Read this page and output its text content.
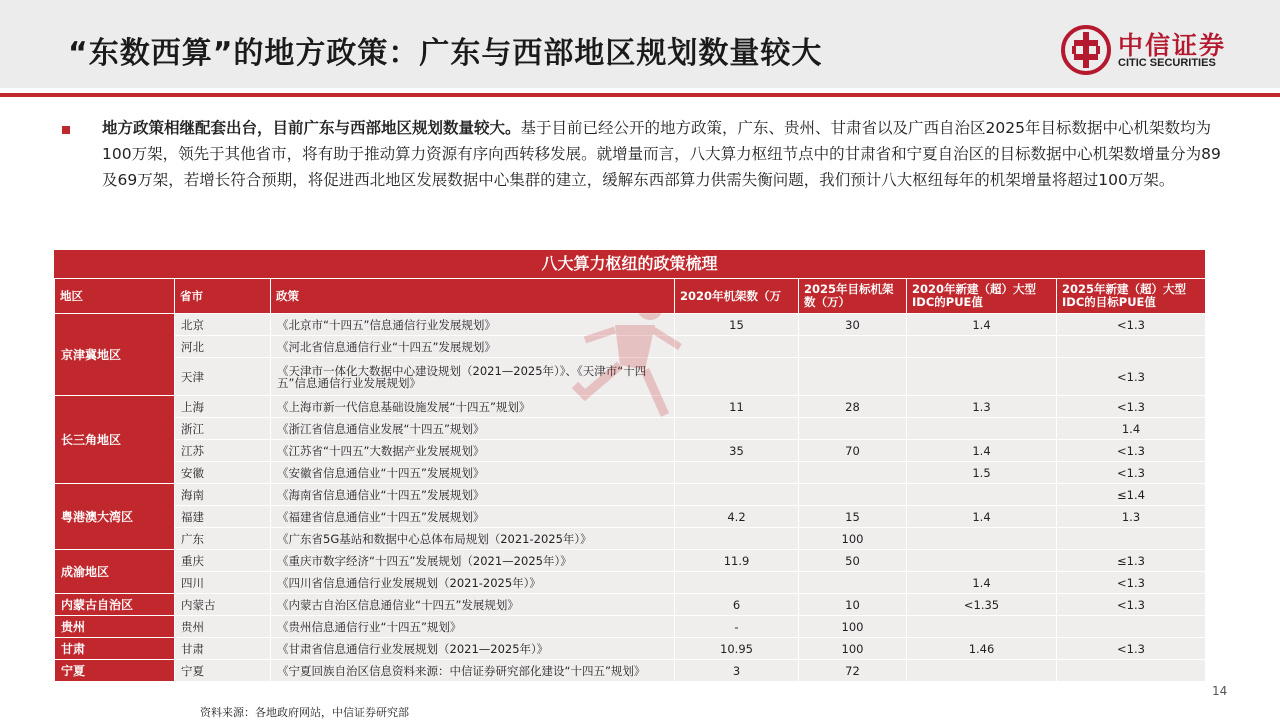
“东数西算”的地方政策：广东与西部地区规划数量较大	中信证券
CITIC SECURITIES
地方政策相继配套出台，目前广东与西部地区规划数量较大。基于目前已经公开的地方政策，广东、贵州、甘肃省以及广西自治区2025年目标数据中心机架数均为100万架，领先于其他省市，将有助于推动算力资源有序向西转移发展。就增量而言，八大算力枢纽节点中的甘肃省和宁夏自治区的目标数据中心机架数增量分为89及69万架，若增长符合预期，将促进西北地区发展数据中心集群的建立，缓解东西部算力供需失衡问题，我们预计八大枢纽每年的机架增量将超过100万架。
八大算力枢纽的政策梳理
地区	省市	政策	2020年机架数（万	2025年目标机架数（万）	2020年新建（超）大型IDC的PUE值	2025年新建（超）大型IDC的目标PUE值
京津冀地区	北京	《北京市“十四五”信息通信行业发展规划》	15	30	1.4	<1.3
	河北	《河北省信息通信行业“十四五”发展规划》				
	天津	《天津市一体化大数据中心建设规划（2021—2025年）》、《天津市“十四五”信息通信行业发展规划》				<1.3
长三角地区	上海	《上海市新一代信息基础设施发展“十四五”规划》	11	28	1.3	<1.3
	浙江	《浙江省信息通信业发展“十四五”规划》				1.4
	江苏	《江苏省“十四五”大数据产业发展规划》	35	70	1.4	<1.3
	安徽	《安徽省信息通信业“十四五”发展规划》			1.5	<1.3
粤港澳大湾区	海南	《海南省信息通信业“十四五”发展规划》				≤1.4
	福建	《福建省信息通信业“十四五”发展规划》	4.2	15	1.4	1.3
	广东	《广东省5G基站和数据中心总体布局规划（2021-2025年）》		100		
成渝地区	重庆	《重庆市数字经济“十四五”发展规划（2021—2025年）》	11.9	50		≤1.3
	四川	《四川省信息通信行业发展规划（2021-2025年）》			1.4	<1.3
内蒙古自治区	内蒙古	《内蒙古自治区信息通信业“十四五”发展规划》	6	10	<1.35	<1.3
贵州	贵州	《贵州信息通信行业“十四五”规划》	-	100		
甘肃	甘肃	《甘肃省信息通信行业发展规划（2021—2025年）》	10.95	100	1.46	<1.3
宁夏	宁夏	《宁夏回族自治区信息资料来源：中信证券研究部化建设“十四五”规划》	3	72		
资料来源：各地政府网站，中信证券研究部
14
